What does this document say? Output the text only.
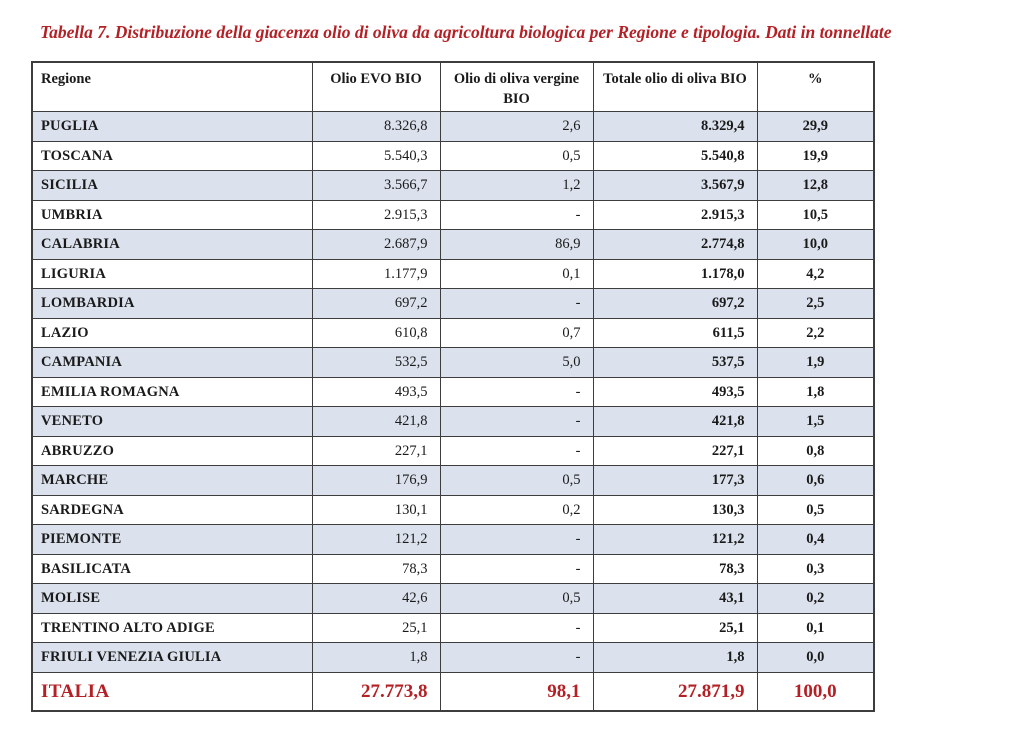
Tabella 7. Distribuzione della giacenza olio di oliva da agricoltura biologica per Regione e tipologia. Dati in tonnellate

Regione	Olio EVO BIO	Olio di oliva vergine BIO	Totale olio di oliva BIO	%
PUGLIA	8.326,8	2,6	8.329,4	29,9
TOSCANA	5.540,3	0,5	5.540,8	19,9
SICILIA	3.566,7	1,2	3.567,9	12,8
UMBRIA	2.915,3	-	2.915,3	10,5
CALABRIA	2.687,9	86,9	2.774,8	10,0
LIGURIA	1.177,9	0,1	1.178,0	4,2
LOMBARDIA	697,2	-	697,2	2,5
LAZIO	610,8	0,7	611,5	2,2
CAMPANIA	532,5	5,0	537,5	1,9
EMILIA ROMAGNA	493,5	-	493,5	1,8
VENETO	421,8	-	421,8	1,5
ABRUZZO	227,1	-	227,1	0,8
MARCHE	176,9	0,5	177,3	0,6
SARDEGNA	130,1	0,2	130,3	0,5
PIEMONTE	121,2	-	121,2	0,4
BASILICATA	78,3	-	78,3	0,3
MOLISE	42,6	0,5	43,1	0,2
TRENTINO ALTO ADIGE	25,1	-	25,1	0,1
FRIULI VENEZIA GIULIA	1,8	-	1,8	0,0
ITALIA	27.773,8	98,1	27.871,9	100,0
